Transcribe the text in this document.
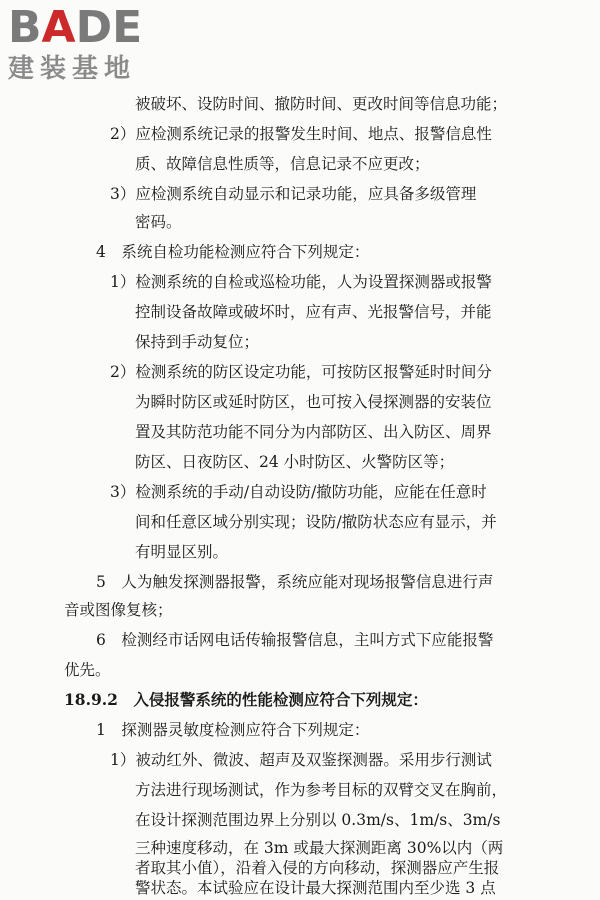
BADE
建装基地
被破坏、设防时间、撤防时间、更改时间等信息功能；
2）应检测系统记录的报警发生时间、地点、报警信息性
质、故障信息性质等，信息记录不应更改；
3）应检测系统自动显示和记录功能，应具备多级管理
密码。
4　系统自检功能检测应符合下列规定：
1）检测系统的自检或巡检功能，人为设置探测器或报警
控制设备故障或破坏时，应有声、光报警信号，并能
保持到手动复位；
2）检测系统的防区设定功能，可按防区报警延时时间分
为瞬时防区或延时防区，也可按入侵探测器的安装位
置及其防范功能不同分为内部防区、出入防区、周界
防区、日夜防区、24 小时防区、火警防区等；
3）检测系统的手动/自动设防/撤防功能，应能在任意时
间和任意区域分别实现；设防/撤防状态应有显示，并
有明显区别。
5　人为触发探测器报警，系统应能对现场报警信息进行声
音或图像复核；
6　检测经市话网电话传输报警信息，主叫方式下应能报警
优先。
18.9.2　入侵报警系统的性能检测应符合下列规定：
1　探测器灵敏度检测应符合下列规定：
1）被动红外、微波、超声及双鉴探测器。采用步行测试
方法进行现场测试，作为参考目标的双臂交叉在胸前，
在设计探测范围边界上分别以 0.3m/s、1m/s、3m/s
三种速度移动，在 3m 或最大探测距离 30%以内（两
者取其小值），沿着入侵的方向移动，探测器应产生报
警状态。本试验应在设计最大探测范围内至少选 3 点
